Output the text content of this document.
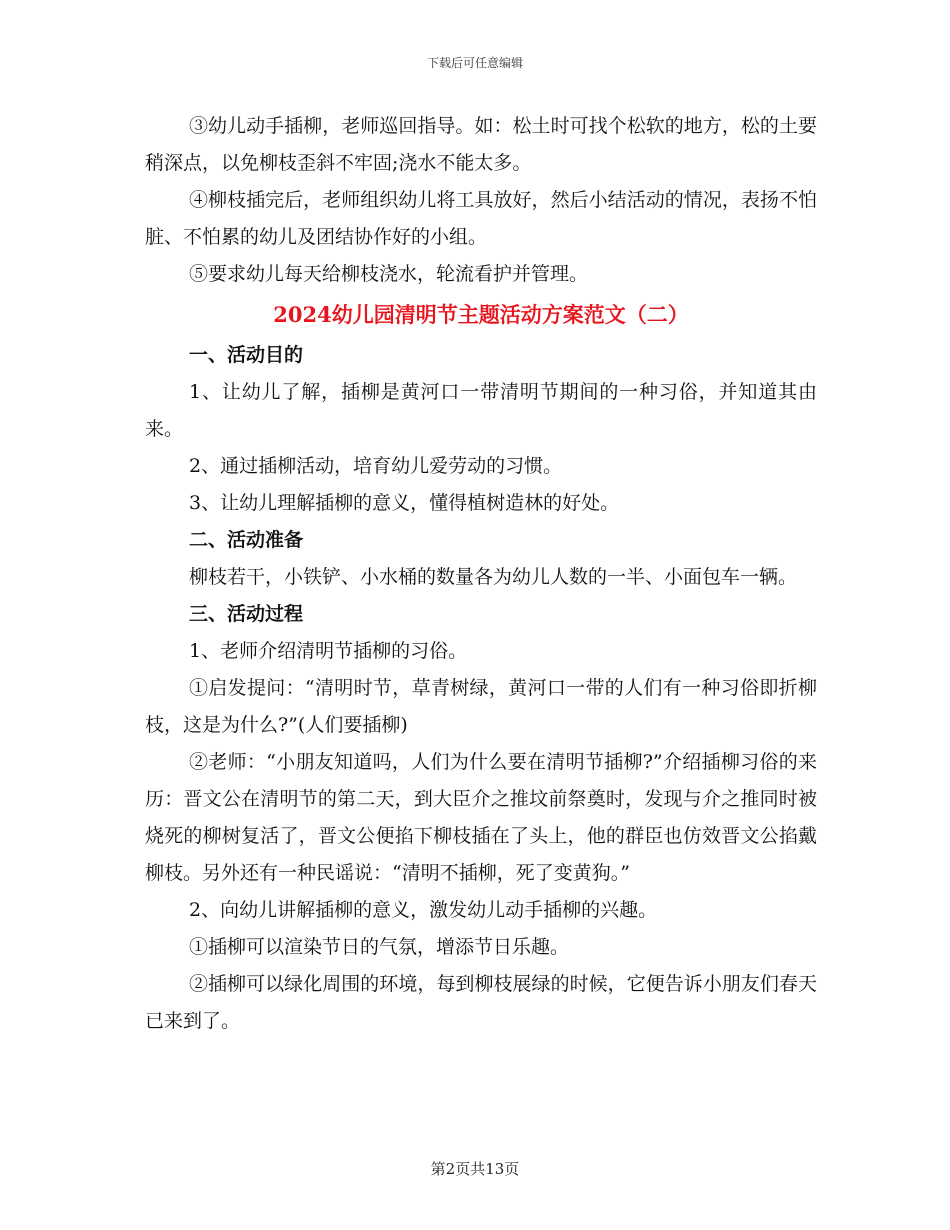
下载后可任意编辑

③幼儿动手插柳，老师巡回指导。如：松土时可找个松软的地方，松的土要稍深点，以免柳枝歪斜不牢固;浇水不能太多。

④柳枝插完后，老师组织幼儿将工具放好，然后小结活动的情况，表扬不怕脏、不怕累的幼儿及团结协作好的小组。

⑤要求幼儿每天给柳枝浇水，轮流看护并管理。

2024幼儿园清明节主题活动方案范文（二）

一、活动目的

1、让幼儿了解，插柳是黄河口一带清明节期间的一种习俗，并知道其由来。

2、通过插柳活动，培育幼儿爱劳动的习惯。

3、让幼儿理解插柳的意义，懂得植树造林的好处。

二、活动准备

柳枝若干，小铁铲、小水桶的数量各为幼儿人数的一半、小面包车一辆。

三、活动过程

1、老师介绍清明节插柳的习俗。

①启发提问：“清明时节，草青树绿，黄河口一带的人们有一种习俗即折柳枝，这是为什么?”(人们要插柳)

②老师：“小朋友知道吗，人们为什么要在清明节插柳?”介绍插柳习俗的来历：晋文公在清明节的第二天，到大臣介之推坟前祭奠时，发现与介之推同时被烧死的柳树复活了，晋文公便掐下柳枝插在了头上，他的群臣也仿效晋文公掐戴柳枝。另外还有一种民谣说：“清明不插柳，死了变黄狗。”

2、向幼儿讲解插柳的意义，激发幼儿动手插柳的兴趣。

①插柳可以渲染节日的气氛，增添节日乐趣。

②插柳可以绿化周围的环境，每到柳枝展绿的时候，它便告诉小朋友们春天已来到了。

第2页共13页
